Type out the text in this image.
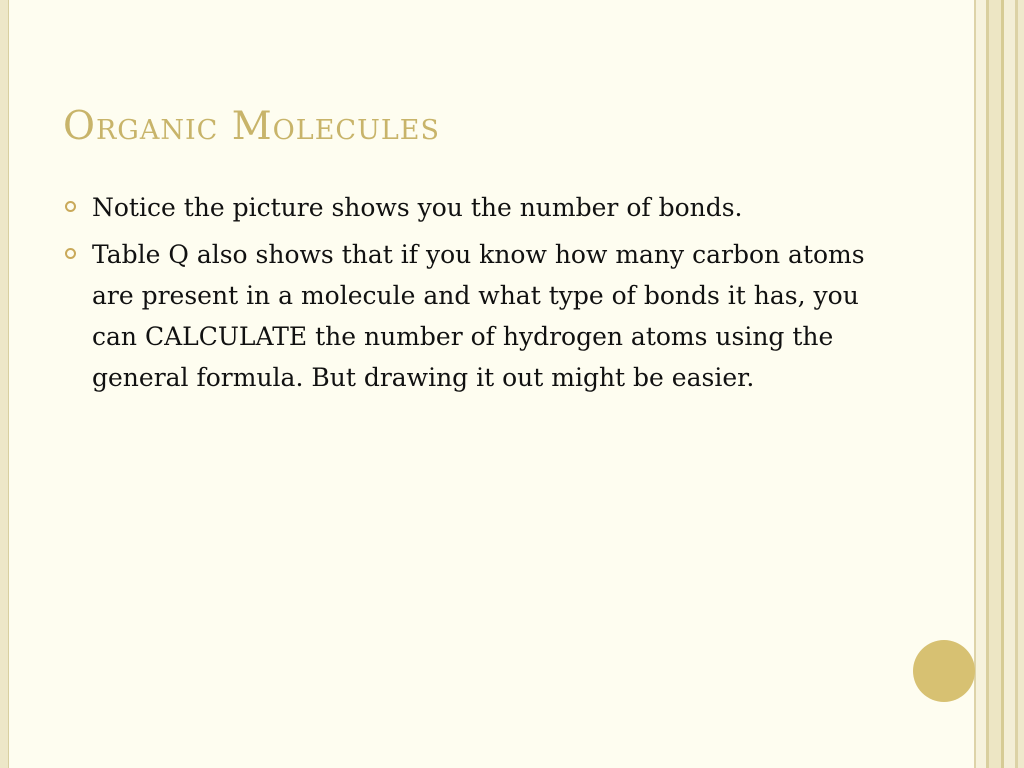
Organic Molecules
Notice the picture shows you the number of bonds.
Table Q also shows that if you know how many carbon atoms are present in a molecule and what type of bonds it has, you can CALCULATE the number of hydrogen atoms using the general formula. But drawing it out might be easier.
